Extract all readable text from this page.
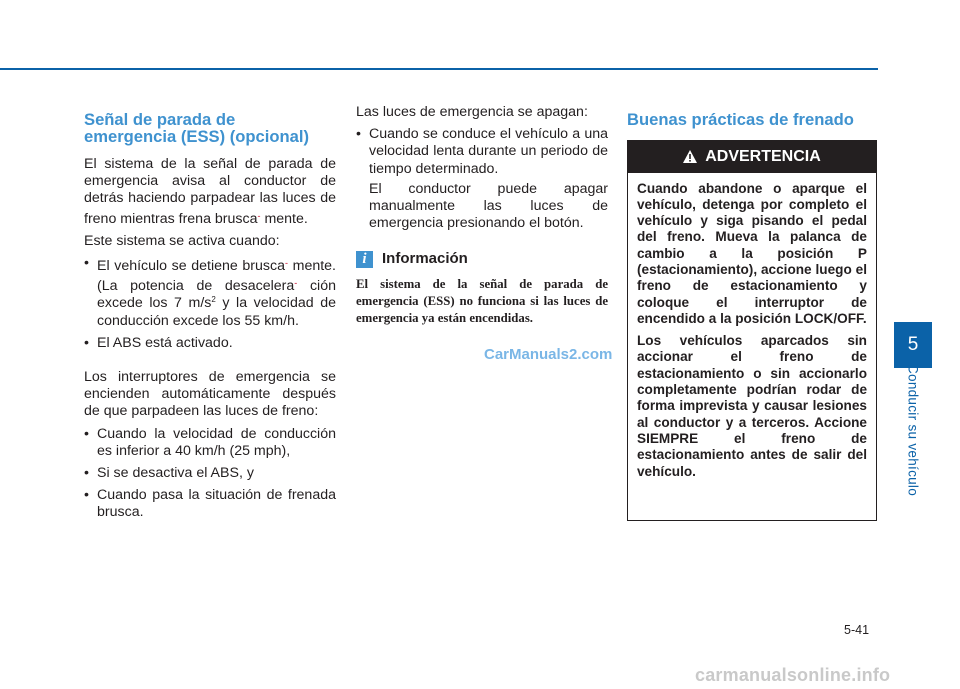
Señal de parada de
emergencia (ESS) (opcional)

El sistema de la señal de parada de emergencia avisa al conductor de detrás haciendo parpadear las luces de freno mientras frena brusca- mente.

Este sistema se activa cuando:

• El vehículo se detiene brusca- mente. (La potencia de desacelera- ción excede los 7 $m/s^2$ y la velocidad de conducción excede los 55 km/h.
• El ABS está activado.

Los interruptores de emergencia se encienden automáticamente después de que parpadeen las luces de freno:

• Cuando la velocidad de conducción es inferior a 40 km/h (25 mph),
• Si se desactiva el ABS, y
• Cuando pasa la situación de frenada brusca.

Las luces de emergencia se apagan:

• Cuando se conduce el vehículo a una velocidad lenta durante un periodo de tiempo determinado.
El conductor puede apagar manualmente las luces de emergencia presionando el botón.
i	Información
El sistema de la señal de parada de emergencia (ESS) no funciona si las luces de emergencia ya están encendidas.
CarManuals2.com
Buenas prácticas de frenado
ADVERTENCIA

Cuando abandone o aparque el vehículo, detenga por completo el vehículo y siga pisando el pedal del freno. Mueva la palanca de cambio a la posición P (estacionamiento), accione luego el freno de estacionamiento y coloque el interruptor de encendido a la posición LOCK/OFF.

Los vehículos aparcados sin accionar el freno de estacionamiento o sin accionarlo completamente podrían rodar de forma imprevista y causar lesiones al conductor y a terceros. Accione SIEMPRE el freno de estacionamiento antes de salir del vehículo.

5
Conducir su vehículo
5-41
carmanualsonline.info
